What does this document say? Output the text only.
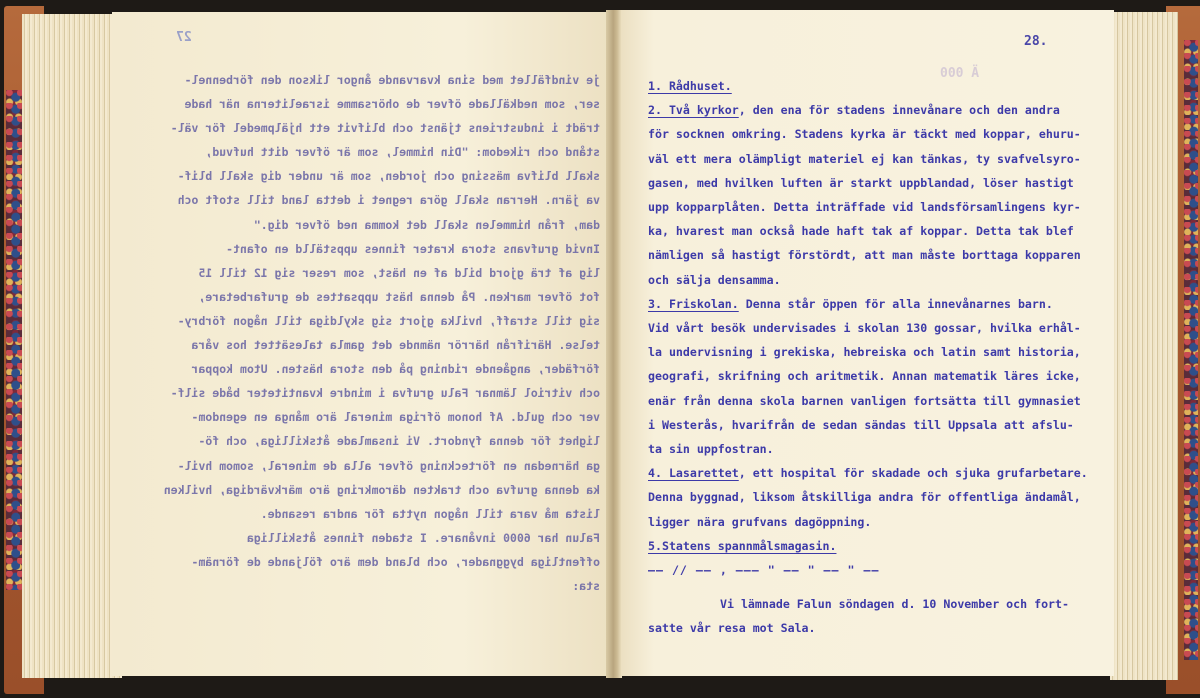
27	28.
000 Ä
je vindfället med sina kvarvande ångor likson den förbennel-
ser, som nedkällade öfver de ohörsamme israeliterna när hade
trädt i industriens tjänst och blifvit ett hjälpmedel för väl-
stånd och rikedom: "Din himmel, som är öfver ditt hufvud,
skall blifva mässing och jorden, som är under dig skall blif-
va järn. Herran skall göra regnet i detta land till stoft och
dam, från himmelen skall det komma ned öfver dig."
Invid grufvans stora krater finnes uppställd en ofant-
lig af trä gjord bild af en häst, som reser sig 12 till 15
fot öfver marken. På denna häst uppsattes de grufarbetare,
sig till straff, hvilka gjort sig skyldiga till någon förbry-
telse. Härifrån härrör nämnde det gamla talesättet hos våra
förfäder, angående ridning på den stora hästen. Utom koppar
och vitriol lämnar Falu grufva i mindre kvantiteter både silf-
ver och guld. Af honom öfriga mineral äro många en egendom-
lighet för denna fyndort. Vi insamlade åtskilliga, och fö-
ga härnedan en förteckning öfver alla de mineral, somom hvil-
ka denna grufva och trakten däromkring äro märkvärdiga, hvilken
lista må vara till någon nytta för andra resande.
Falun har 6000 invånare. I staden finnes åtskilliga
offentliga byggnader, och bland dem äro följande de förnäm-
sta:
1. Rådhuset.
2. Två kyrkor, den ena för stadens innevånare och den andra
för socknen omkring. Stadens kyrka är täckt med koppar, ehuru-
väl ett mera olämpligt materiel ej kan tänkas, ty svafvelsyro-
gasen, med hvilken luften är starkt uppblandad, löser hastigt
upp kopparplåten. Detta inträffade vid landsförsamlingens kyr-
ka, hvarest man också hade haft tak af koppar. Detta tak blef
nämligen så hastigt förstördt, att man måste borttaga kopparen
och sälja densamma.
3. Friskolan. Denna står öppen för alla innevånarnes barn.
Vid vårt besök undervisades i skolan 130 gossar, hvilka erhål-
la undervisning i grekiska, hebreiska och latin samt historia,
geografi, skrifning och aritmetik. Annan matematik läres icke,
enär från denna skola barnen vanligen fortsätta till gymnasiet
i Westerås, hvarifrån de sedan sändas till Uppsala att afslu-
ta sin uppfostran.
4. Lasarettet, ett hospital för skadade och sjuka grufarbetare.
Denna byggnad, liksom åtskilliga andra för offentliga ändamål,
ligger nära grufvans dagöppning.
5.Statens spannmålsmagasin.
—— // —— , ——— " —— " —— " ——
Vi lämnade Falun söndagen d. 10 November och fort-
satte vår resa mot Sala.
